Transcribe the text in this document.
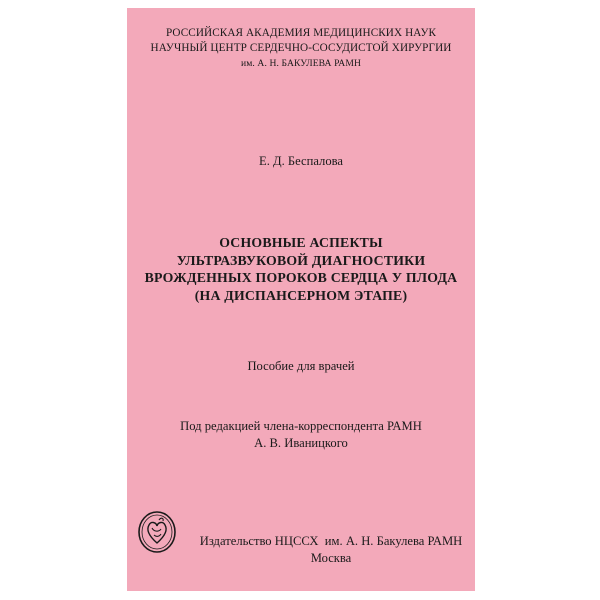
РОССИЙСКАЯ АКАДЕМИЯ МЕДИЦИНСКИХ НАУК
НАУЧНЫЙ ЦЕНТР СЕРДЕЧНО-СОСУДИСТОЙ ХИРУРГИИ
им. А. Н. БАКУЛЕВА РАМН
Е. Д. Беспалова
ОСНОВНЫЕ АСПЕКТЫ
УЛЬТРАЗВУКОВОЙ ДИАГНОСТИКИ
ВРОЖДЕННЫХ ПОРОКОВ СЕРДЦА У ПЛОДА
(НА ДИСПАНСЕРНОМ ЭТАПЕ)
Пособие для врачей
Под редакцией члена-корреспондента РАМН
А. В. Иваницкого
Издательство НЦССХ  им. А. Н. Бакулева РАМН
Москва
